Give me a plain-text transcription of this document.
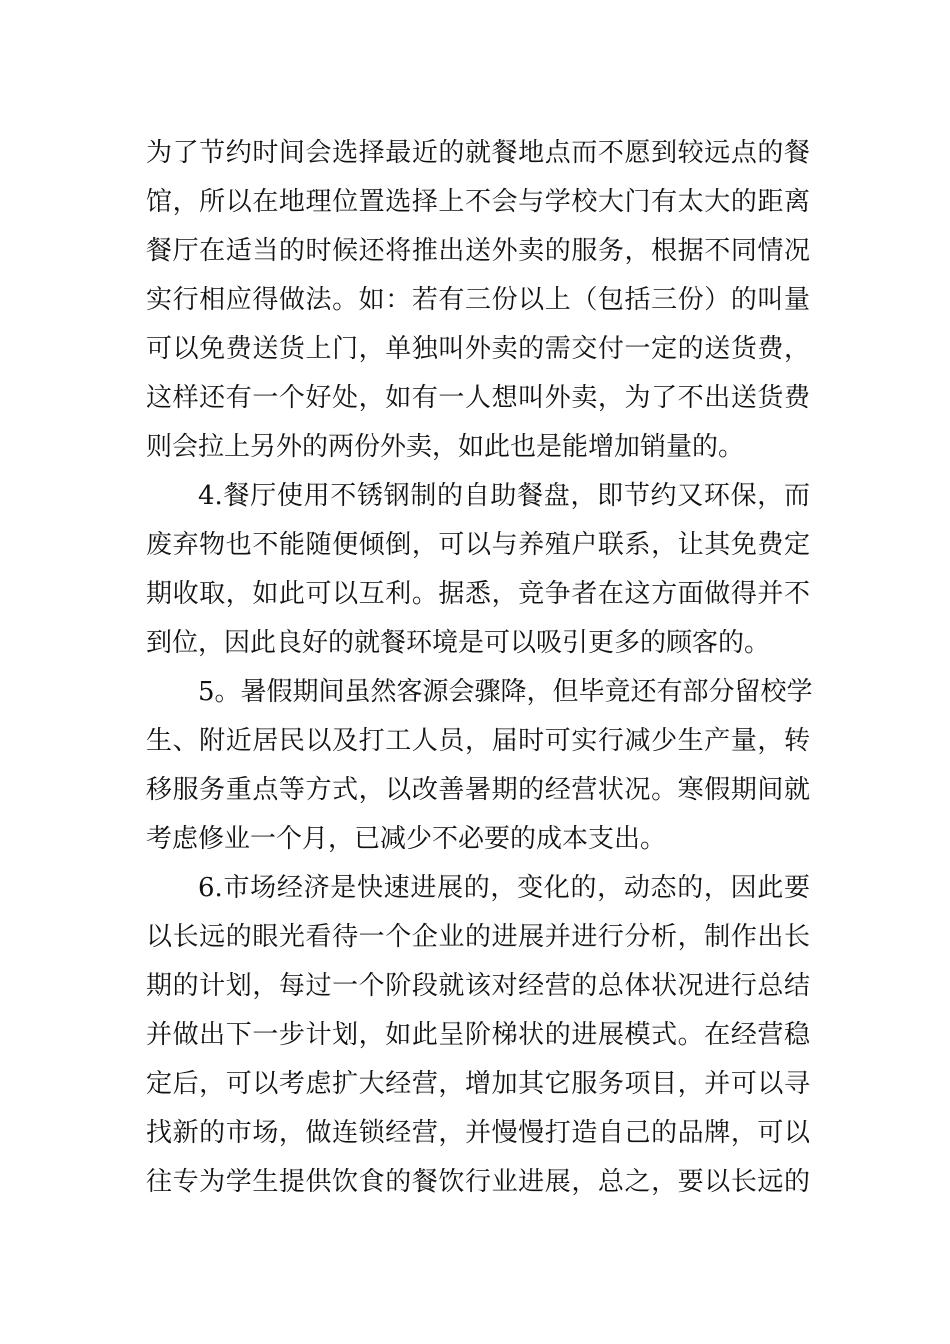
为了节约时间会选择最近的就餐地点而不愿到较远点的餐
馆，所以在地理位置选择上不会与学校大门有太大的距离
餐厅在适当的时候还将推出送外卖的服务，根据不同情况
实行相应得做法。如：若有三份以上（包括三份）的叫量
可以免费送货上门，单独叫外卖的需交付一定的送货费，
这样还有一个好处，如有一人想叫外卖，为了不出送货费
则会拉上另外的两份外卖，如此也是能增加销量的。
4.餐厅使用不锈钢制的自助餐盘，即节约又环保，而
废弃物也不能随便倾倒，可以与养殖户联系，让其免费定
期收取，如此可以互利。据悉，竞争者在这方面做得并不
到位，因此良好的就餐环境是可以吸引更多的顾客的。
5。暑假期间虽然客源会骤降，但毕竟还有部分留校学
生、附近居民以及打工人员，届时可实行减少生产量，转
移服务重点等方式，以改善暑期的经营状况。寒假期间就
考虑修业一个月，已减少不必要的成本支出。
6.市场经济是快速进展的，变化的，动态的，因此要
以长远的眼光看待一个企业的进展并进行分析，制作出长
期的计划，每过一个阶段就该对经营的总体状况进行总结
并做出下一步计划，如此呈阶梯状的进展模式。在经营稳
定后，可以考虑扩大经营，增加其它服务项目，并可以寻
找新的市场，做连锁经营，并慢慢打造自己的品牌，可以
往专为学生提供饮食的餐饮行业进展，总之，要以长远的
